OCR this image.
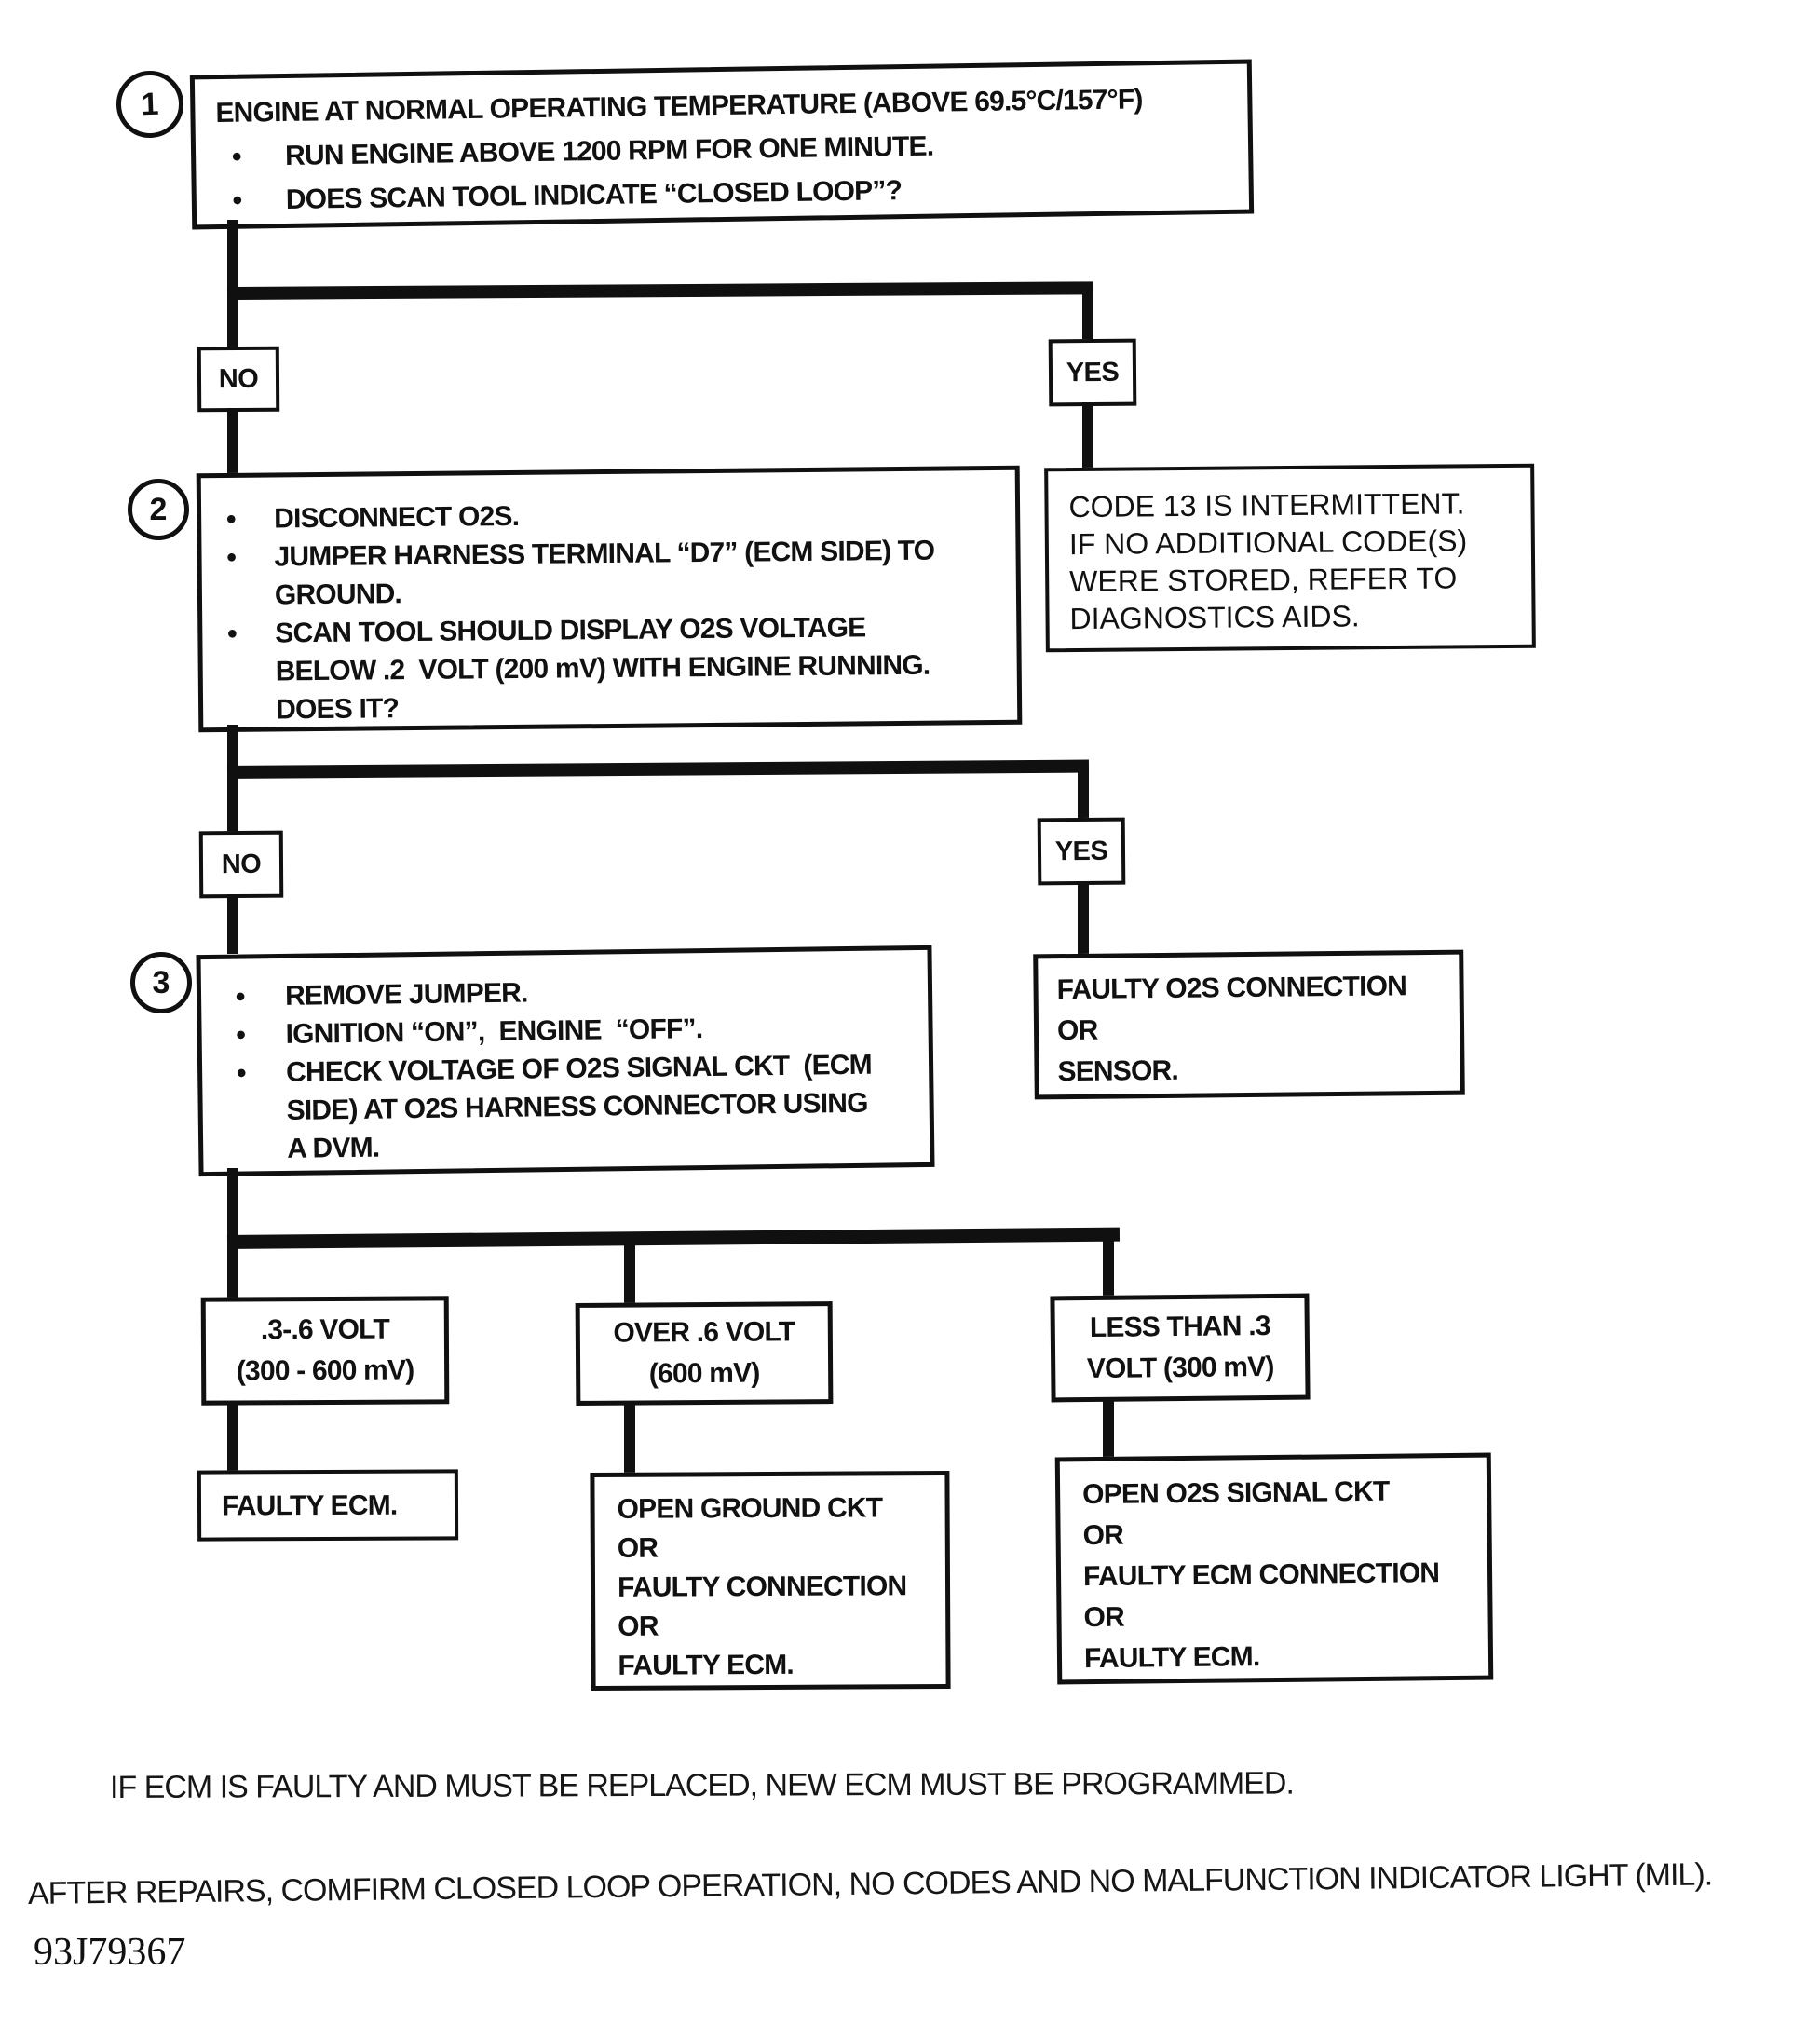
1 ENGINE AT NORMAL OPERATING TEMPERATURE (ABOVE 69.5°C/157°F)
●	RUN ENGINE ABOVE 1200 RPM FOR ONE MINUTE.
●	DOES SCAN TOOL INDICATE “CLOSED LOOP”?
NO	YES
2	●	DISCONNECT O2S.
●	JUMPER HARNESS TERMINAL “D7” (ECM SIDE) TO
GROUND.
●	SCAN TOOL SHOULD DISPLAY O2S VOLTAGE
BELOW .2  VOLT (200 mV) WITH ENGINE RUNNING.
DOES IT?
CODE 13 IS INTERMITTENT.
IF NO ADDITIONAL CODE(S)
WERE STORED, REFER TO
DIAGNOSTICS AIDS.
NO	YES
3	●	REMOVE JUMPER.
●	IGNITION “ON”,  ENGINE  “OFF”.
●	CHECK VOLTAGE OF O2S SIGNAL CKT  (ECM
SIDE) AT O2S HARNESS CONNECTOR USING
A DVM.
FAULTY O2S CONNECTION
OR
SENSOR.
.3-.6 VOLT
(300 - 600 mV)
OVER .6 VOLT
(600 mV)
LESS THAN .3
VOLT (300 mV)
FAULTY ECM.	OPEN GROUND CKT
OR
FAULTY CONNECTION
OR
FAULTY ECM.
OPEN O2S SIGNAL CKT
OR
FAULTY ECM CONNECTION
OR
FAULTY ECM.
IF ECM IS FAULTY AND MUST BE REPLACED, NEW ECM MUST BE PROGRAMMED.
AFTER REPAIRS, COMFIRM CLOSED LOOP OPERATION, NO CODES AND NO MALFUNCTION INDICATOR LIGHT (MIL).
93J79367
